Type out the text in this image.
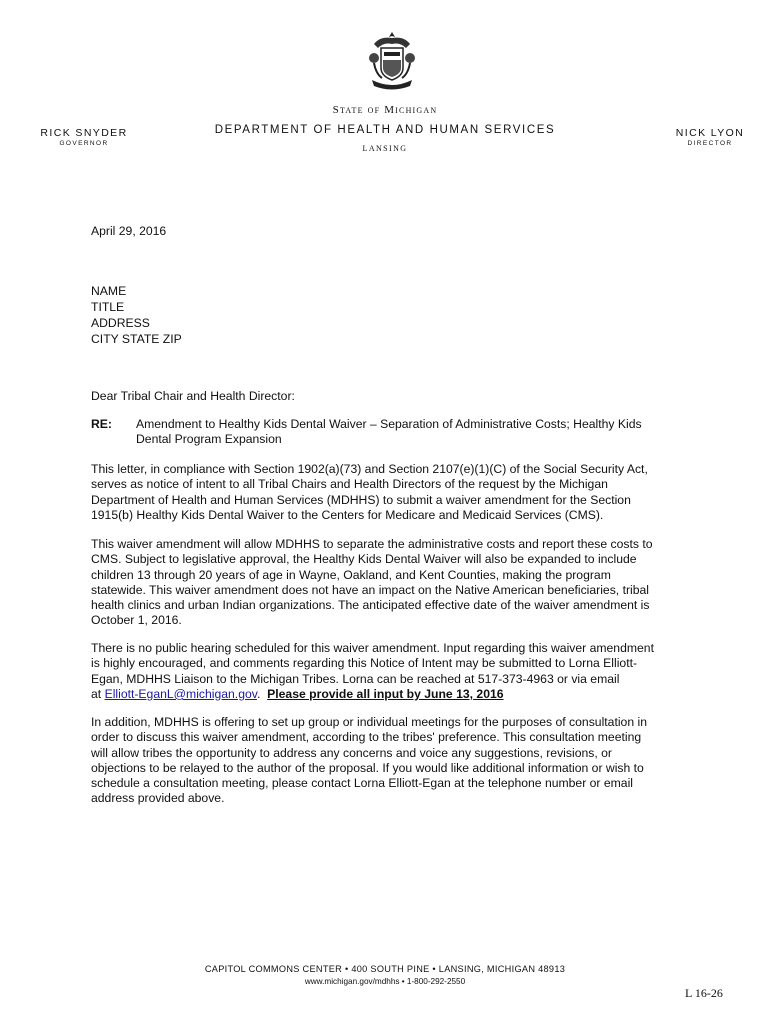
State of Michigan
DEPARTMENT OF HEALTH AND HUMAN SERVICES
LANSING
RICK SNYDER
GOVERNOR
NICK LYON
DIRECTOR
April 29, 2016
NAME
TITLE
ADDRESS
CITY STATE ZIP
Dear Tribal Chair and Health Director:
RE: Amendment to Healthy Kids Dental Waiver – Separation of Administrative Costs; Healthy Kids
Dental Program Expansion
This letter, in compliance with Section 1902(a)(73) and Section 2107(e)(1)(C) of the Social Security Act,
serves as notice of intent to all Tribal Chairs and Health Directors of the request by the Michigan
Department of Health and Human Services (MDHHS) to submit a waiver amendment for the Section
1915(b) Healthy Kids Dental Waiver to the Centers for Medicare and Medicaid Services (CMS).
This waiver amendment will allow MDHHS to separate the administrative costs and report these costs to
CMS. Subject to legislative approval, the Healthy Kids Dental Waiver will also be expanded to include
children 13 through 20 years of age in Wayne, Oakland, and Kent Counties, making the program
statewide. This waiver amendment does not have an impact on the Native American beneficiaries, tribal
health clinics and urban Indian organizations. The anticipated effective date of the waiver amendment is
October 1, 2016.
There is no public hearing scheduled for this waiver amendment. Input regarding this waiver amendment
is highly encouraged, and comments regarding this Notice of Intent may be submitted to Lorna Elliott-
Egan, MDHHS Liaison to the Michigan Tribes. Lorna can be reached at 517-373-4963 or via email
at Elliott-EganL@michigan.gov.  Please provide all input by June 13, 2016
In addition, MDHHS is offering to set up group or individual meetings for the purposes of consultation in
order to discuss this waiver amendment, according to the tribes' preference. This consultation meeting
will allow tribes the opportunity to address any concerns and voice any suggestions, revisions, or
objections to be relayed to the author of the proposal. If you would like additional information or wish to
schedule a consultation meeting, please contact Lorna Elliott-Egan at the telephone number or email
address provided above.
CAPITOL COMMONS CENTER • 400 SOUTH PINE • LANSING, MICHIGAN 48913
www.michigan.gov/mdhhs • 1-800-292-2550
L 16-26
